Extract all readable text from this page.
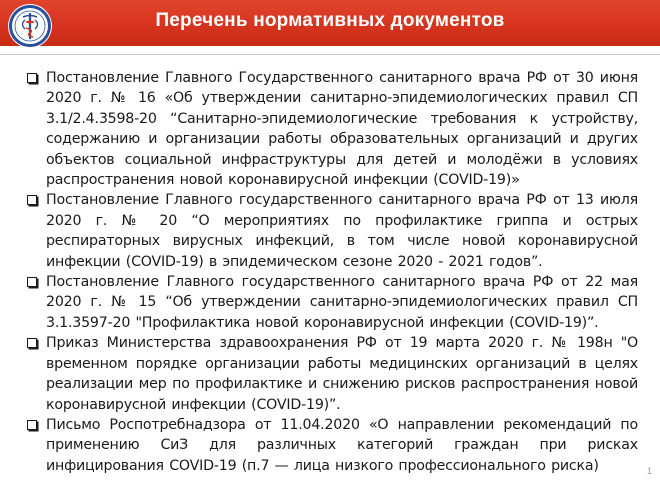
Перечень нормативных документов
Постановление Главного Государственного санитарного врача РФ от 30 июня 2020 г. № 16 «Об утверждении санитарно-эпидемиологических правил СП 3.1/2.4.3598-20 “Санитарно-эпидемиологические требования к устройству, содержанию и организации работы образовательных организаций и других объектов социальной инфраструктуры для детей и молодёжи в условиях распространения новой коронавирусной инфекции (COVID-19)»
Постановление Главного государственного санитарного врача РФ от 13 июля 2020 г. № 20 “О мероприятиях по профилактике гриппа и острых респираторных вирусных инфекций, в том числе новой коронавирусной инфекции (COVID-19) в эпидемическом сезоне 2020 - 2021 годов”.
Постановление Главного государственного санитарного врача РФ от 22 мая 2020 г. № 15 “Об утверждении санитарно-эпидемиологических правил СП 3.1.3597-20 "Профилактика новой коронавирусной инфекции (COVID-19)”.
Приказ Министерства здравоохранения РФ от 19 марта 2020 г. № 198н "О временном порядке организации работы медицинских организаций в целях реализации мер по профилактике и снижению рисков распространения новой коронавирусной инфекции (COVID-19)”.
Письмо Роспотребнадзора от 11.04.2020 «О направлении рекомендаций по применению СиЗ для различных категорий граждан при рисках инфицирования COVID-19 (п.7 — лица низкого профессионального риска)	1
